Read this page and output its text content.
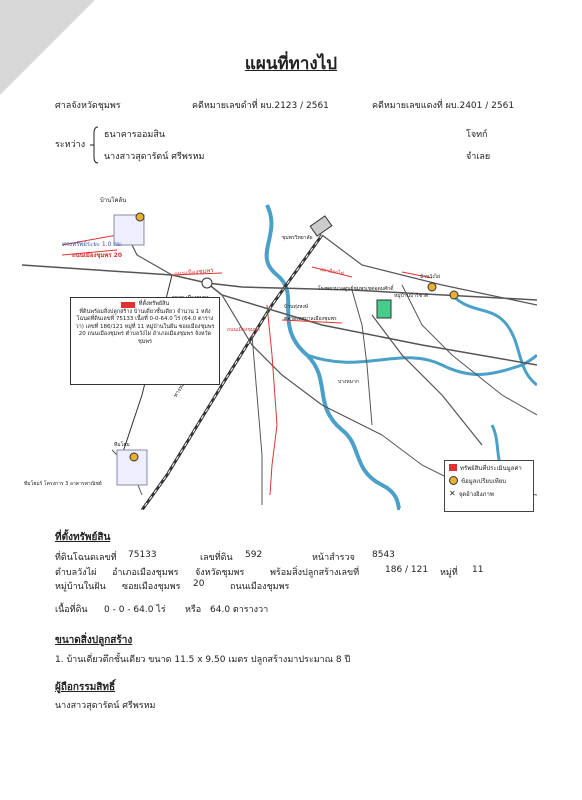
แผนที่ทางไป
ศาลจังหวัดชุมพร	คดีหมายเลขดำที่ ผบ.2123 / 2561	คดีหมายเลขแดงที่ ผบ.2401 / 2561
ระหว่าง
ธนาคารออมสิน	โจทก์
นางสาวสุดารัตน์ ศรีพรหม	จำเลย
บ้านโคล้น
ทรงทรัพย์ระยะ 1.0 กม.
ถนนเมืองชุมพร 20
ถนนเมืองชุมพร
ถนนเมืองชุมพร
ชุมพรวิทยาลัย
โรงพยาบาลศูนย์ชุมพรเขตอุดมศักดิ์
บ้านวังไผ่
หมู่บ้านปาริชาติ
บ้านทุ่งหงษ์
ตลาดเทศบาลเมืองชุมพร
สถานีรถไฟ
ทีมโฮม
ทีมโฮมร์ โครงการ 3 อาคารพาณิชย์
บางหมาก
ที่ตั้งทรัพย์สิน
ที่ดินพร้อมสิ่งปลูกสร้าง บ้านเดี่ยวชั้นเดียว จำนวน 1 หลัง โฉนดที่ดินเลขที่ 75133 เนื้อที่ 0-0-64.0 ไร่ (64.0 ตารางวา) เลขที่ 186/121 หมู่ที่ 11 หมู่บ้านในฝัน ซอยเมืองชุมพร 20 ถนนเมืองชุมพร ตำบลวังไผ่ อำเภอเมืองชุมพร จังหวัดชุมพร
ทรัพย์สินที่ประเมินมูลค่า
ข้อมูลเปรียบเทียบ
✕ จุดอ้างอิงภาพ
ที่ตั้งทรัพย์สิน
ที่ดินโฉนดเลขที่ 75133	เลขที่ดิน 592	หน้าสำรวจ 8543
ตำบลวังไผ่ อำเภอเมืองชุมพร จังหวัดชุมพร	พร้อมสิ่งปลูกสร้างเลขที่	186 / 121 หมู่ที่ 11
หมู่บ้านในฝัน ซอยเมืองชุมพร 20	ถนนเมืองชุมพร
เนื้อที่ดิน 0 - 0 - 64.0 ไร่ หรือ 64.0 ตารางวา
ขนาดสิ่งปลูกสร้าง
1. บ้านเดี่ยวตึกชั้นเดียว ขนาด 11.5 x 9.50 เมตร ปลูกสร้างมาประมาณ 8 ปี
ผู้ถือกรรมสิทธิ์
นางสาวสุดารัตน์ ศรีพรหม
